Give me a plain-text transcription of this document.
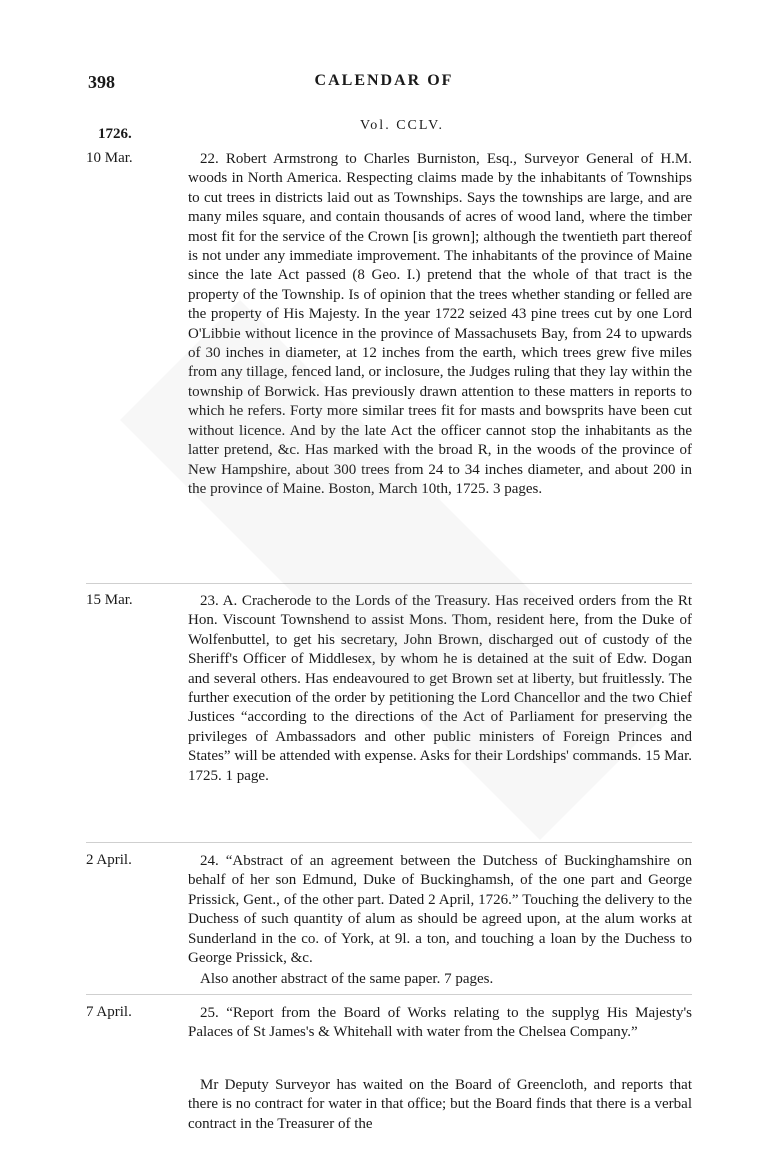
398	CALENDAR OF
Vol. CCLV.
1726.
10 Mar.	22. Robert Armstrong to Charles Burniston, Esq., Surveyor General of H.M. woods in North America. Respecting claims made by the inhabitants of Townships to cut trees in districts laid out as Townships. Says the townships are large, and are many miles square, and contain thousands of acres of wood land, where the timber most fit for the service of the Crown [is grown]; although the twentieth part thereof is not under any immediate improvement. The inhabitants of the province of Maine since the late Act passed (8 Geo. I.) pretend that the whole of that tract is the property of the Township. Is of opinion that the trees whether standing or felled are the property of His Majesty. In the year 1722 seized 43 pine trees cut by one Lord O'Libbie without licence in the province of Massachusets Bay, from 24 to upwards of 30 inches in diameter, at 12 inches from the earth, which trees grew five miles from any tillage, fenced land, or inclosure, the Judges ruling that they lay within the township of Borwick. Has previously drawn attention to these matters in reports to which he refers. Forty more similar trees fit for masts and bowsprits have been cut without licence. And by the late Act the officer cannot stop the inhabitants as the latter pretend, &c. Has marked with the broad R, in the woods of the province of New Hampshire, about 300 trees from 24 to 34 inches diameter, and about 200 in the province of Maine. Boston, March 10th, 1725. 3 pages.
15 Mar.	23. A. Cracherode to the Lords of the Treasury. Has received orders from the Rt Hon. Viscount Townshend to assist Mons. Thom, resident here, from the Duke of Wolfenbuttel, to get his secretary, John Brown, discharged out of custody of the Sheriff's Officer of Middlesex, by whom he is detained at the suit of Edw. Dogan and several others. Has endeavoured to get Brown set at liberty, but fruitlessly. The further execution of the order by petitioning the Lord Chancellor and the two Chief Justices “according to the directions of the Act of Parliament for preserving the privileges of Ambassadors and other public ministers of Foreign Princes and States” will be attended with expense. Asks for their Lordships' commands. 15 Mar. 1725. 1 page.
2 April.	24. “Abstract of an agreement between the Dutchess of Buckinghamshire on behalf of her son Edmund, Duke of Buckinghamsh, of the one part and George Prissick, Gent., of the other part. Dated 2 April, 1726.” Touching the delivery to the Duchess of such quantity of alum as should be agreed upon, at the alum works at Sunderland in the co. of York, at 9l. a ton, and touching a loan by the Duchess to George Prissick, &c.
Also another abstract of the same paper. 7 pages.
7 April.	25. “Report from the Board of Works relating to the supplyg His Majesty's Palaces of St James's & Whitehall with water from the Chelsea Company.”
Mr Deputy Surveyor has waited on the Board of Greencloth, and reports that there is no contract for water in that office; but the Board finds that there is a verbal contract in the Treasurer of the
